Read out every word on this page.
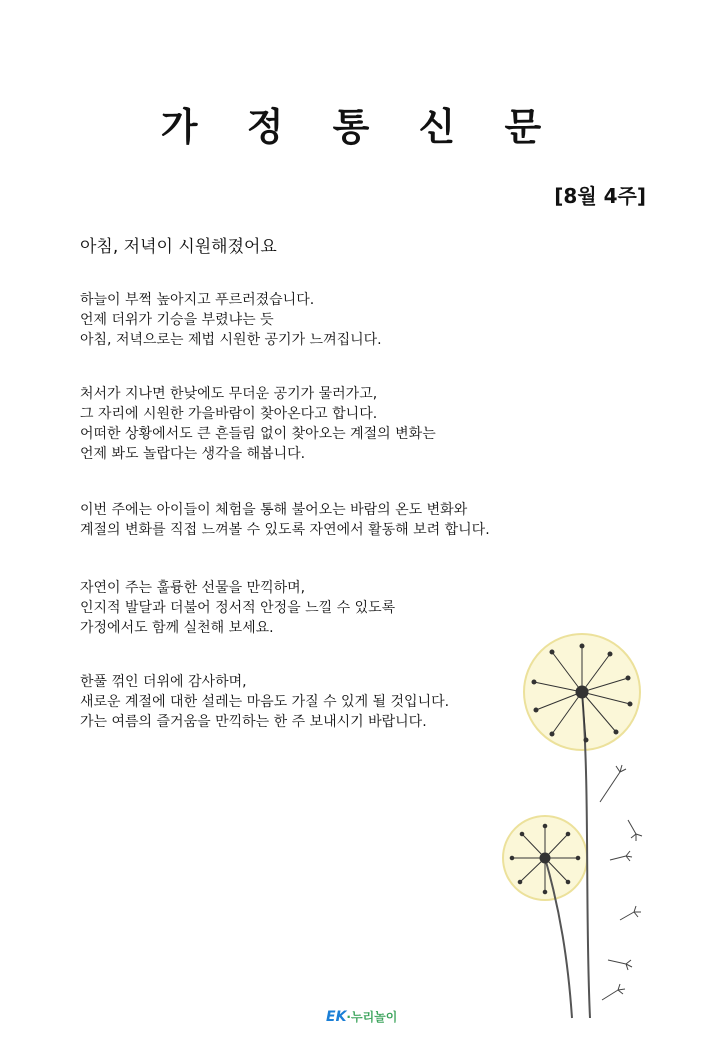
가 정 통 신 문
[8월 4주]
아침, 저녁이 시원해졌어요
하늘이 부쩍 높아지고 푸르러졌습니다.
언제 더위가 기승을 부렸냐는 듯
아침, 저녁으로는 제법 시원한 공기가 느껴집니다.
처서가 지나면 한낮에도 무더운 공기가 물러가고,
그 자리에 시원한 가을바람이 찾아온다고 합니다.
어떠한 상황에서도 큰 흔들림 없이 찾아오는 계절의 변화는
언제 봐도 놀랍다는 생각을 해봅니다.
이번 주에는 아이들이 체험을 통해 불어오는 바람의 온도 변화와
계절의 변화를 직접 느껴볼 수 있도록 자연에서 활동해 보려 합니다.
자연이 주는 훌륭한 선물을 만끽하며,
인지적 발달과 더불어 정서적 안정을 느낄 수 있도록
가정에서도 함께 실천해 보세요.
한풀 꺾인 더위에 감사하며,
새로운 계절에 대한 설레는 마음도 가질 수 있게 될 것입니다.
가는 여름의 즐거움을 만끽하는 한 주 보내시기 바랍니다.
EK·누리놀이
